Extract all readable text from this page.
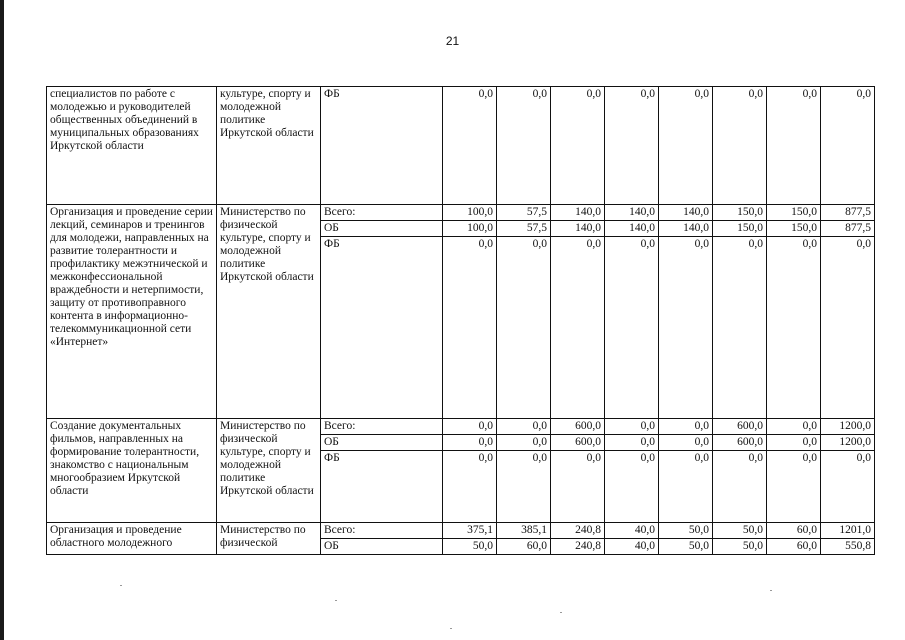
21
специалистов по работе с молодежью и руководителей общественных объединений в муниципальных образованиях Иркутской области	культуре, спорту и молодежной политике Иркутской области	ФБ	0,0	0,0	0,0	0,0	0,0	0,0	0,0	0,0
Организация и проведение серии лекций, семинаров и тренингов для молодежи, направленных на развитие толерантности и профилактику межэтнической и межконфессиональной враждебности и нетерпимости, защиту от противоправного контента в информационно-телекоммуникационной сети «Интернет»	Министерство по физической культуре, спорту и молодежной политике Иркутской области	Всего:	100,0	57,5	140,0	140,0	140,0	150,0	150,0	877,5
		ОБ	100,0	57,5	140,0	140,0	140,0	150,0	150,0	877,5
		ФБ	0,0	0,0	0,0	0,0	0,0	0,0	0,0	0,0
Создание документальных фильмов, направленных на формирование толерантности, знакомство с национальным многообразием Иркутской области	Министерство по физической культуре, спорту и молодежной политике Иркутской области	Всего:	0,0	0,0	600,0	0,0	0,0	600,0	0,0	1200,0
		ОБ	0,0	0,0	600,0	0,0	0,0	600,0	0,0	1200,0
		ФБ	0,0	0,0	0,0	0,0	0,0	0,0	0,0	0,0
Организация и проведение областного молодежного	Министерство по физической	Всего:	375,1	385,1	240,8	40,0	50,0	50,0	60,0	1201,0
		ОБ	50,0	60,0	240,8	40,0	50,0	50,0	60,0	550,8
